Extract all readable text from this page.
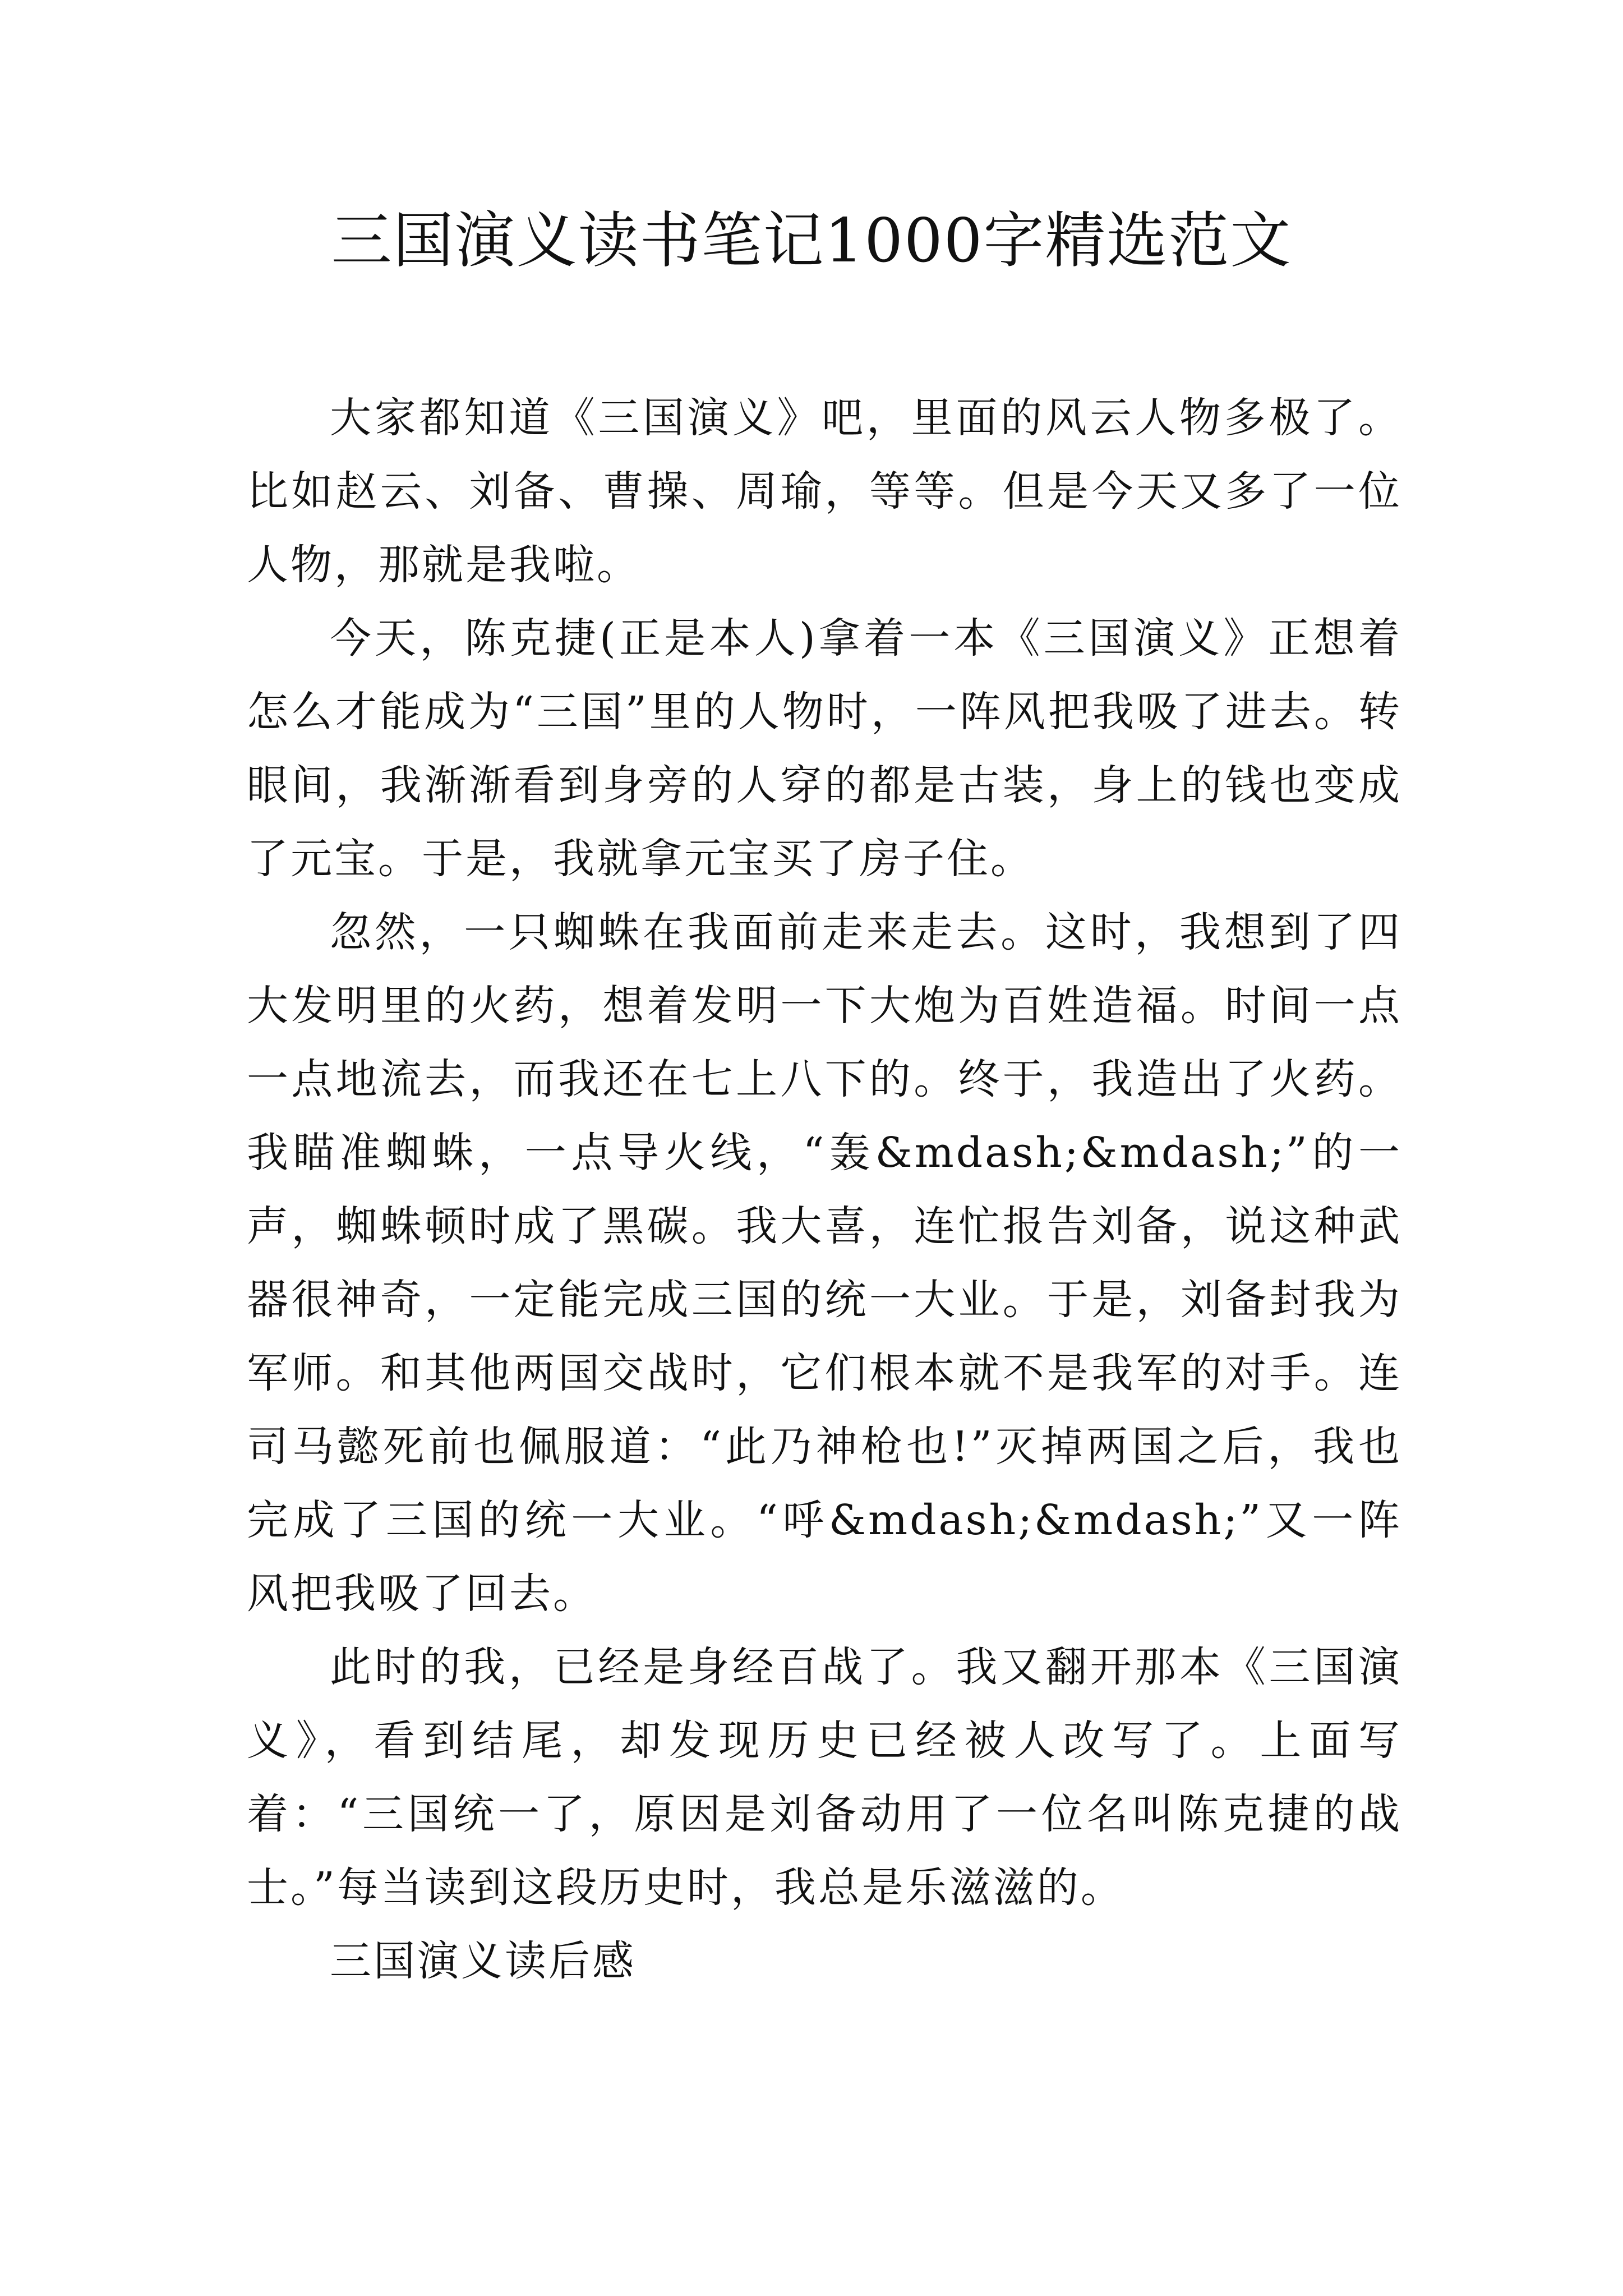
三国演义读书笔记1000字精选范文

大家都知道《三国演义》吧，里面的风云人物多极了。比如赵云、刘备、曹操、周瑜，等等。但是今天又多了一位人物，那就是我啦。

今天，陈克捷(正是本人)拿着一本《三国演义》正想着怎么才能成为“三国”里的人物时，一阵风把我吸了进去。转眼间，我渐渐看到身旁的人穿的都是古装，身上的钱也变成了元宝。于是，我就拿元宝买了房子住。

忽然，一只蜘蛛在我面前走来走去。这时，我想到了四大发明里的火药，想着发明一下大炮为百姓造福。时间一点一点地流去，而我还在七上八下的。终于，我造出了火药。我瞄准蜘蛛，一点导火线，“轰&mdash;&mdash;”的一声，蜘蛛顿时成了黑碳。我大喜，连忙报告刘备，说这种武器很神奇，一定能完成三国的统一大业。于是，刘备封我为军师。和其他两国交战时，它们根本就不是我军的对手。连司马懿死前也佩服道：“此乃神枪也!”灭掉两国之后，我也完成了三国的统一大业。“呼&mdash;&mdash;”又一阵风把我吸了回去。

此时的我，已经是身经百战了。我又翻开那本《三国演义》，看到结尾，却发现历史已经被人改写了。上面写着：“三国统一了，原因是刘备动用了一位名叫陈克捷的战士。”每当读到这段历史时，我总是乐滋滋的。

三国演义读后感
